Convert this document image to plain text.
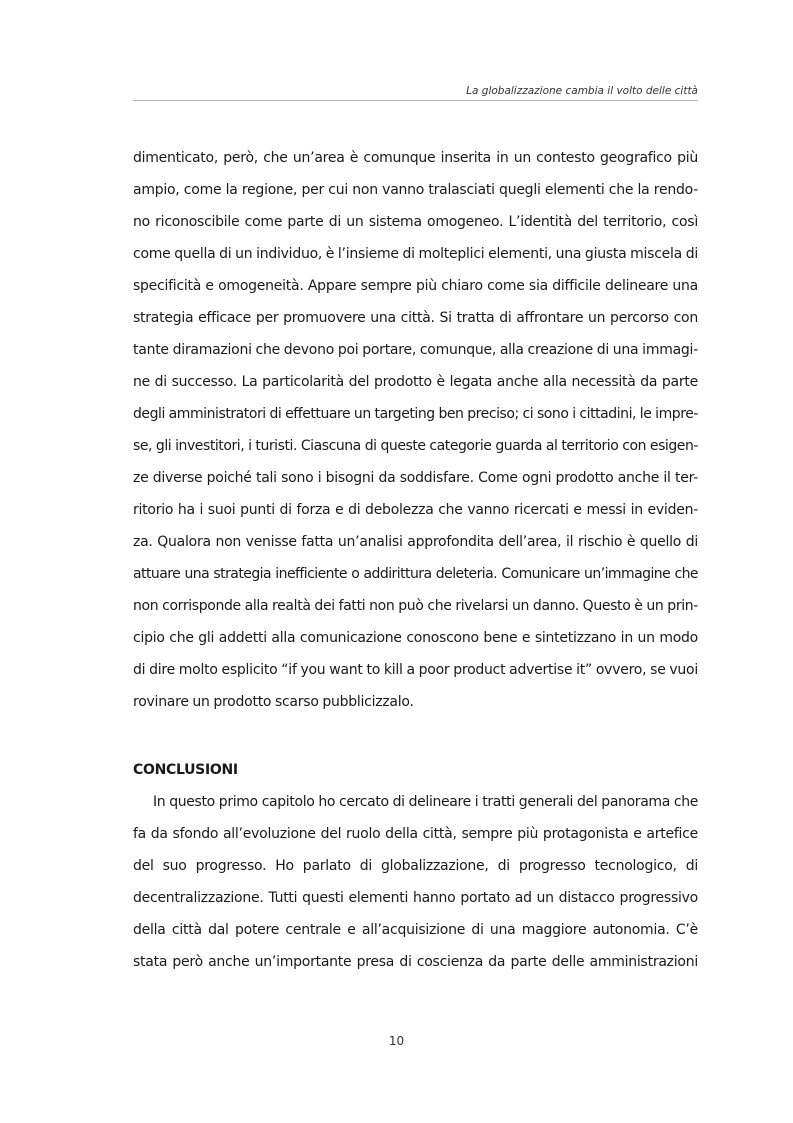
La globalizzazione cambia il volto delle città
dimenticato, però, che un’area è comunque inserita in un contesto geografico più
ampio, come la regione, per cui non vanno tralasciati quegli elementi che la rendo-
no riconoscibile come parte di un sistema omogeneo. L’identità del territorio, così
come quella di un individuo, è l’insieme di molteplici elementi, una giusta miscela di
specificità e omogeneità. Appare sempre più chiaro come sia difficile delineare una
strategia efficace per promuovere una città. Si tratta di affrontare un percorso con
tante diramazioni che devono poi portare, comunque, alla creazione di una immagi-
ne di successo. La particolarità del prodotto è legata anche alla necessità da parte
degli amministratori di effettuare un targeting ben preciso; ci sono i cittadini, le impre-
se, gli investitori, i turisti. Ciascuna di queste categorie guarda al territorio con esigen-
ze diverse poiché tali sono i bisogni da soddisfare. Come ogni prodotto anche il ter-
ritorio ha i suoi punti di forza e di debolezza che vanno ricercati e messi in eviden-
za. Qualora non venisse fatta un’analisi approfondita dell’area, il rischio è quello di
attuare una strategia inefficiente o addirittura deleteria. Comunicare un’immagine che
non corrisponde alla realtà dei fatti non può che rivelarsi un danno. Questo è un prin-
cipio che gli addetti alla comunicazione conoscono bene e sintetizzano in un modo
di dire molto esplicito “if you want to kill a poor product advertise it” ovvero, se vuoi
rovinare un prodotto scarso pubblicizzalo.
CONCLUSIONI
In questo primo capitolo ho cercato di delineare i tratti generali del panorama che
fa da sfondo all’evoluzione del ruolo della città, sempre più protagonista e artefice
del suo progresso. Ho parlato di globalizzazione, di progresso tecnologico, di
decentralizzazione. Tutti questi elementi hanno portato ad un distacco progressivo
della città dal potere centrale e all’acquisizione di una maggiore autonomia. C’è
stata però anche un’importante presa di coscienza da parte delle amministrazioni
10
